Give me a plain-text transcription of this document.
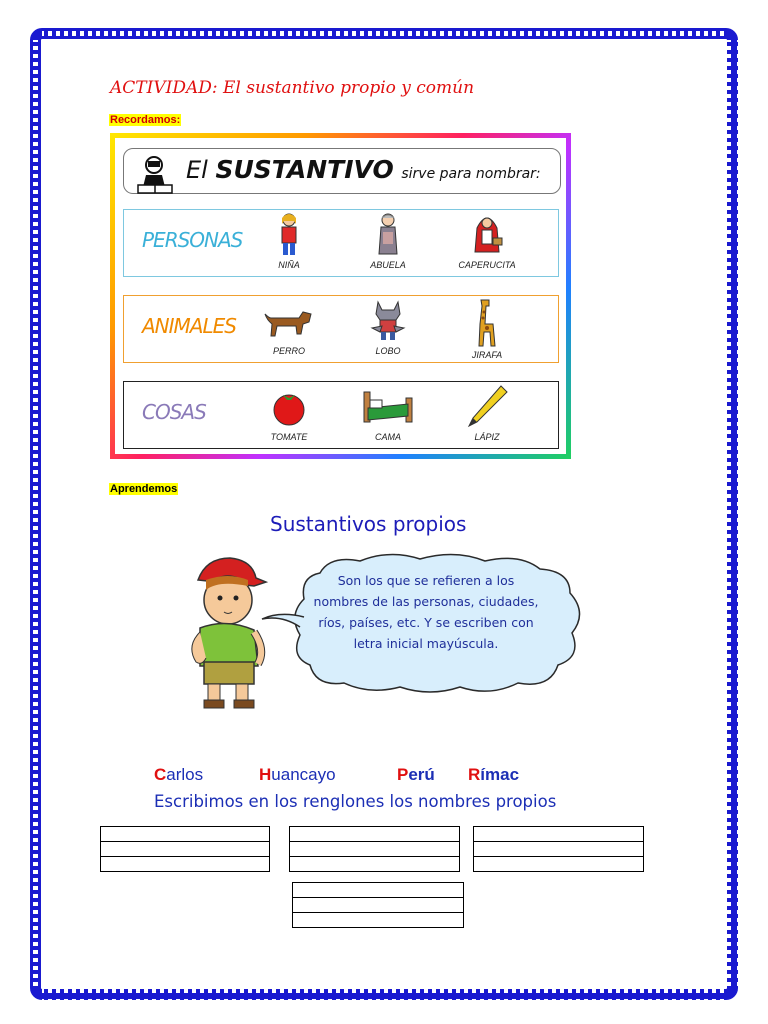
ACTIVIDAD: El sustantivo propio y común
Recordamos:
El SUSTANTIVO sirve para nombrar:
PERSONAS
NIÑA	ABUELA	CAPERUCITA
ANIMALES
PERRO	LOBO	JIRAFA
COSAS
TOMATE	CAMA	LÁPIZ
Aprendemos
Sustantivos propios
Son los que se refieren a los nombres de las personas, ciudades, ríos, países, etc. Y se escriben con letra inicial mayúscula.
Carlos	Huancayo	Perú Rímac
Escribimos en los renglones los nombres propios
